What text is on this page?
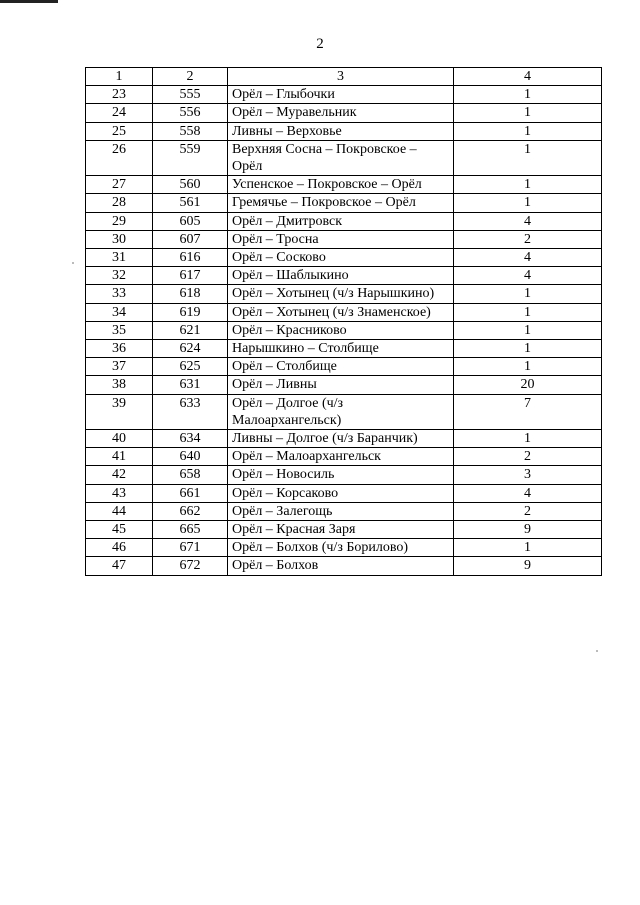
2
1	2	3	4
23	555	Орёл – Глыбочки	1
24	556	Орёл – Муравельник	1
25	558	Ливны – Верховье	1
26	559	Верхняя Сосна – Покровское – Орёл	1
27	560	Успенское – Покровское – Орёл	1
28	561	Гремячье – Покровское – Орёл	1
29	605	Орёл – Дмитровск	4
30	607	Орёл – Тросна	2
31	616	Орёл – Сосково	4
32	617	Орёл – Шаблыкино	4
33	618	Орёл – Хотынец (ч/з Нарышкино)	1
34	619	Орёл – Хотынец (ч/з Знаменское)	1
35	621	Орёл – Красниково	1
36	624	Нарышкино – Столбище	1
37	625	Орёл – Столбище	1
38	631	Орёл – Ливны	20
39	633	Орёл – Долгое (ч/з Малоархангельск)	7
40	634	Ливны – Долгое (ч/з Баранчик)	1
41	640	Орёл – Малоархангельск	2
42	658	Орёл – Новосиль	3
43	661	Орёл – Корсаково	4
44	662	Орёл – Залегощь	2
45	665	Орёл – Красная Заря	9
46	671	Орёл – Болхов (ч/з Борилово)	1
47	672	Орёл – Болхов	9
